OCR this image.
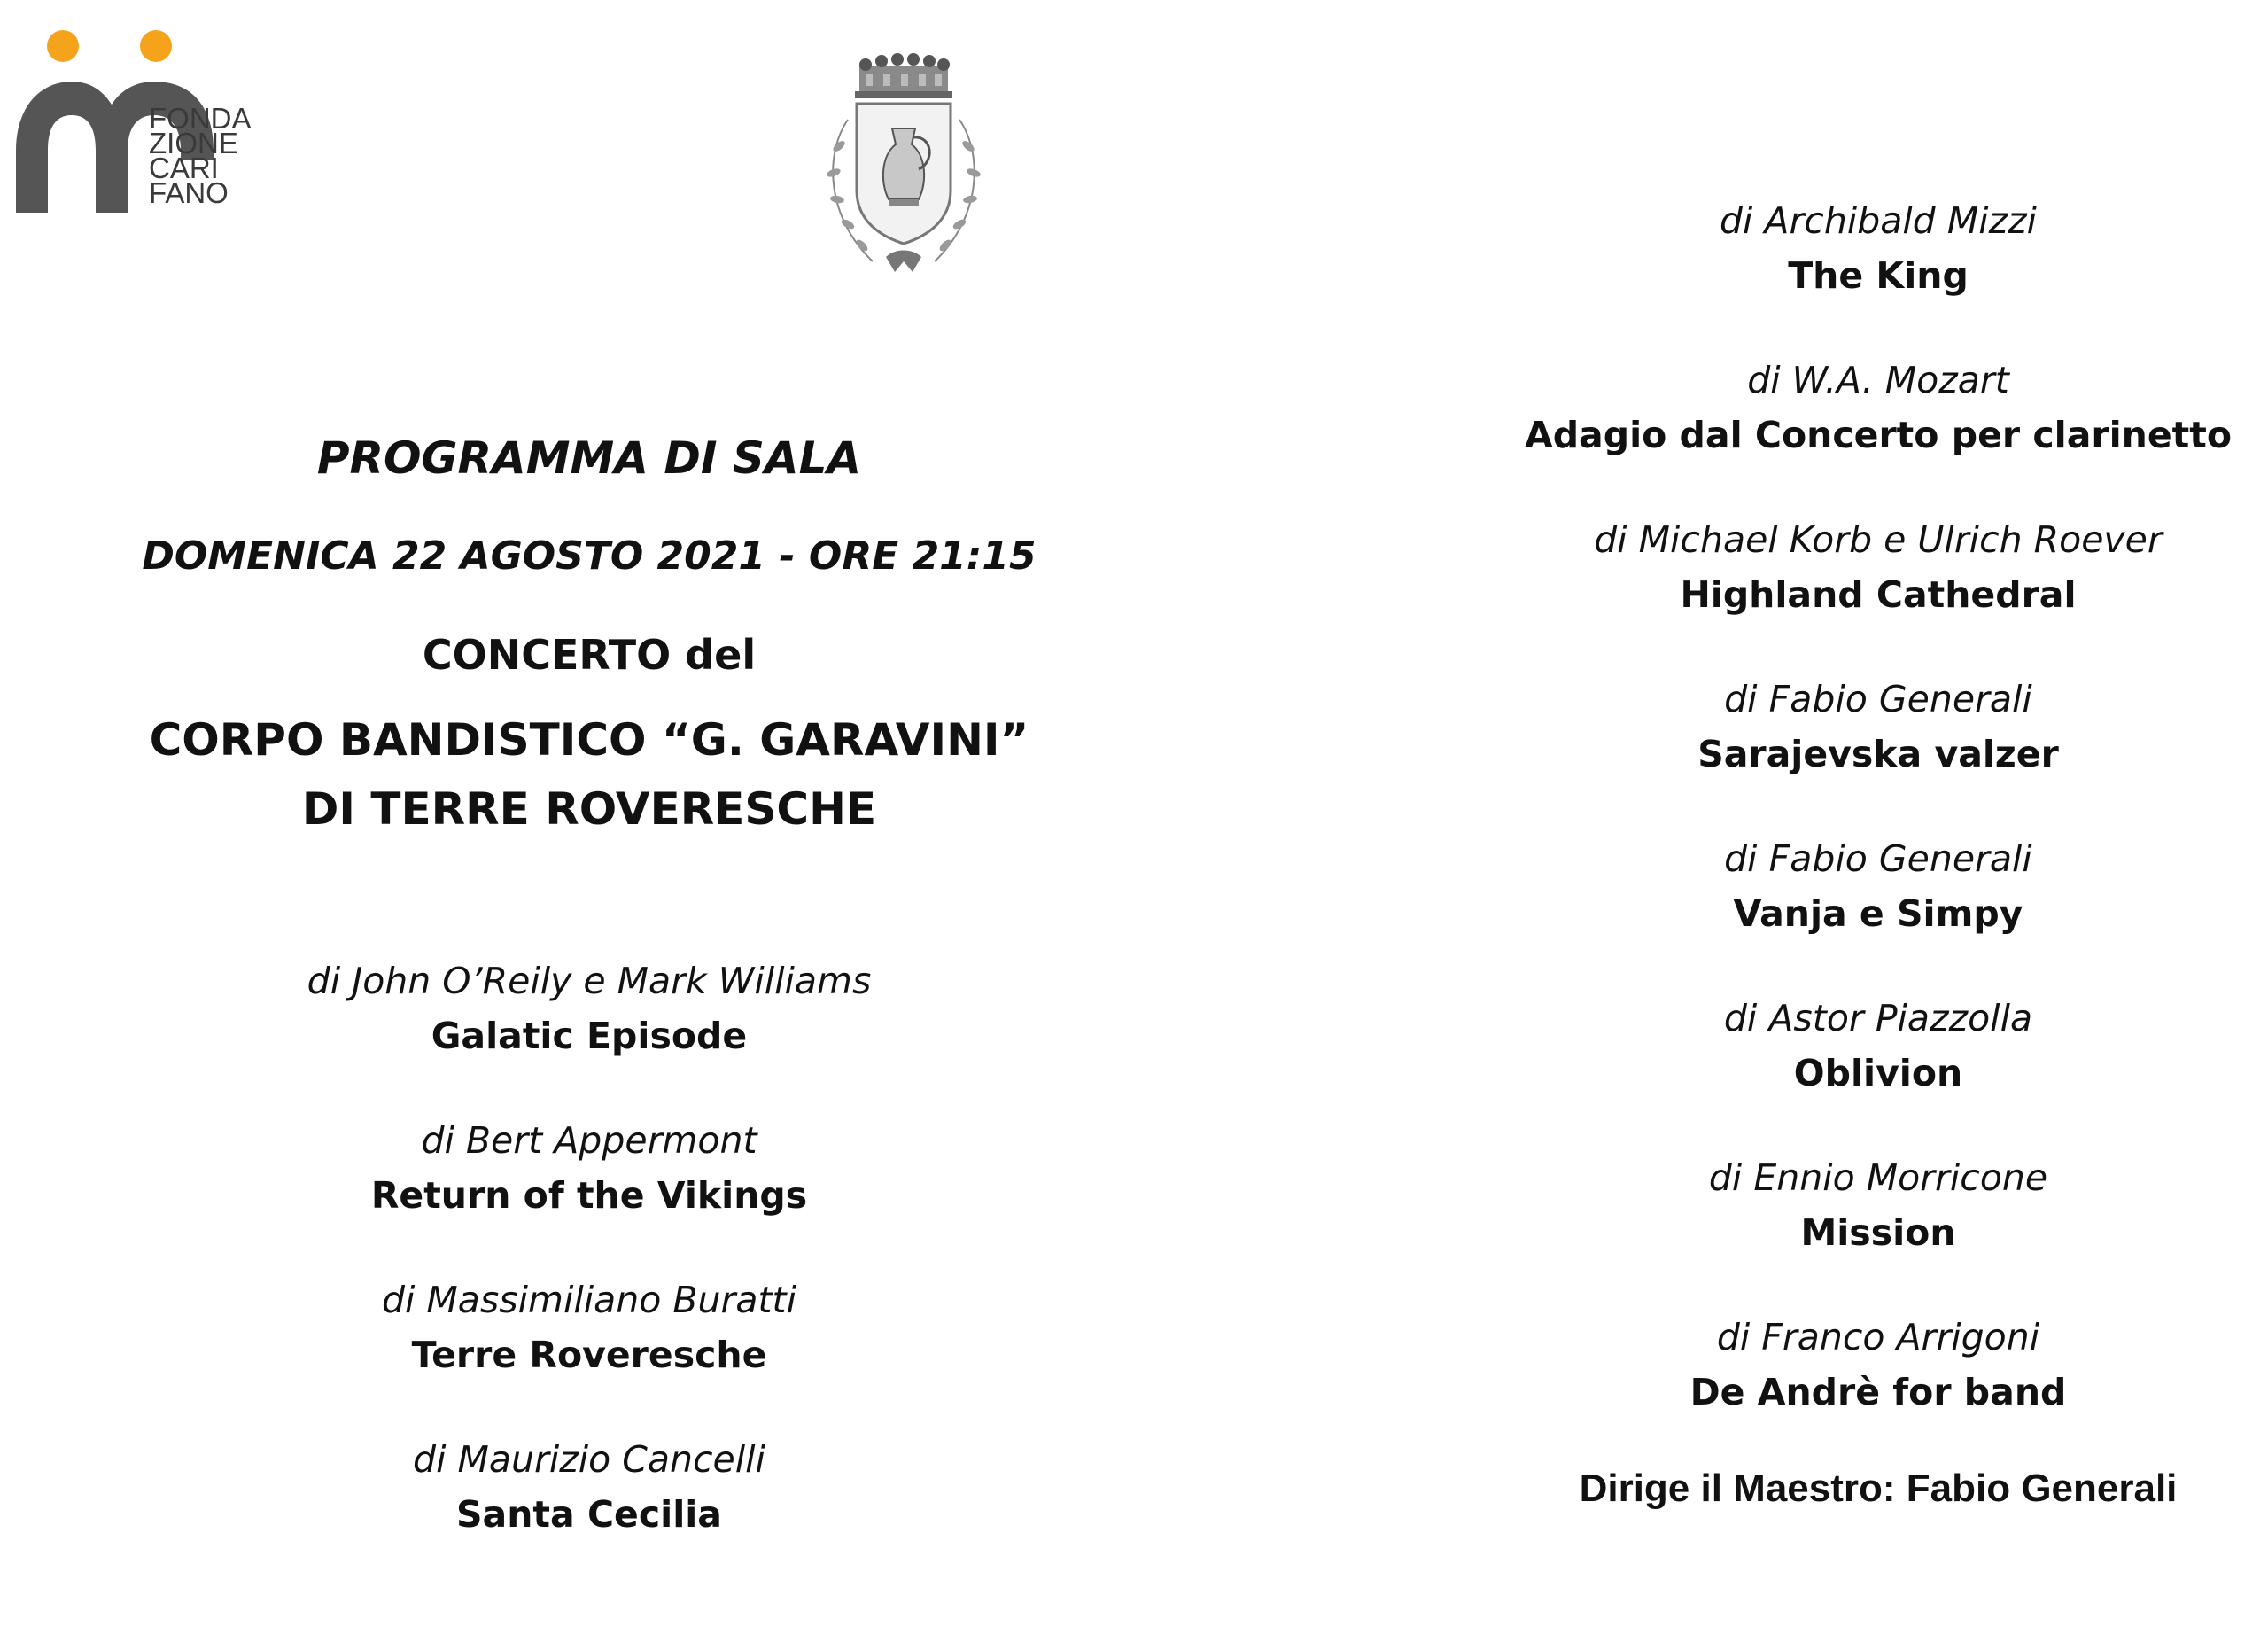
FONDA
ZIONE
CARI
FANO
PROGRAMMA DI SALA
DOMENICA 22 AGOSTO 2021 - ORE 21:15
CONCERTO del
CORPO BANDISTICO “G. GARAVINI”
DI TERRE ROVERESCHE
di John O’Reily e Mark Williams
Galatic Episode
di Bert Appermont
Return of the Vikings
di Massimiliano Buratti
Terre Roveresche
di Maurizio Cancelli
Santa Cecilia
di Archibald Mizzi
The King
di W.A. Mozart
Adagio dal Concerto per clarinetto
di Michael Korb e Ulrich Roever
Highland Cathedral
di Fabio Generali
Sarajevska valzer
di Fabio Generali
Vanja e Simpy
di Astor Piazzolla
Oblivion
di Ennio Morricone
Mission
di Franco Arrigoni
De Andrè for band
Dirige il Maestro: Fabio Generali
